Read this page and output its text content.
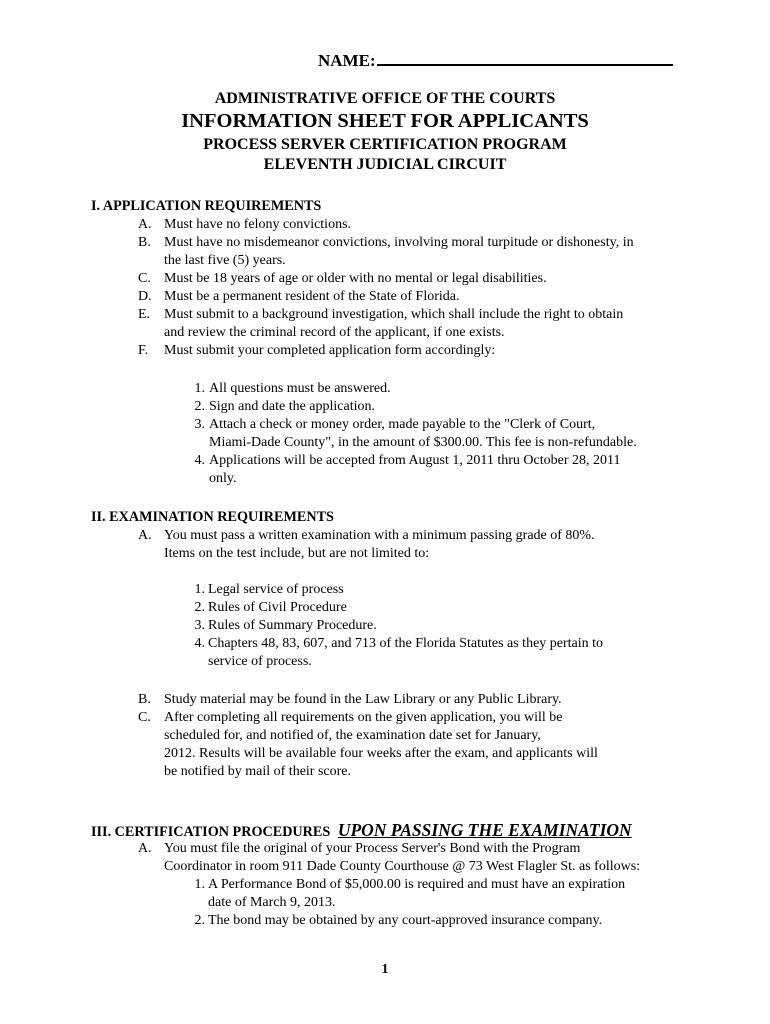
NAME:
ADMINISTRATIVE OFFICE OF THE COURTS
INFORMATION SHEET FOR APPLICANTS
PROCESS SERVER CERTIFICATION PROGRAM
ELEVENTH JUDICIAL CIRCUIT
I. APPLICATION REQUIREMENTS
A. Must have no felony convictions.
B. Must have no misdemeanor convictions, involving moral turpitude or dishonesty, in
the last five (5) years.
C. Must be 18 years of age or older with no mental or legal disabilities.
D. Must be a permanent resident of the State of Florida.
E. Must submit to a background investigation, which shall include the right to obtain
and review the criminal record of the applicant, if one exists.
F.	Must submit your completed application form accordingly:
1. All questions must be answered.
2. Sign and date the application.
3. Attach a check or money order, made payable to the "Clerk of Court,
Miami-Dade County", in the amount of $300.00. This fee is non-refundable.
4. Applications will be accepted from August 1, 2011 thru October 28, 2011
only.
II. EXAMINATION REQUIREMENTS
A. You must pass a written examination with a minimum passing grade of 80%.
Items on the test include, but are not limited to:
1. Legal service of process
2. Rules of Civil Procedure
3. Rules of Summary Procedure.
4. Chapters 48, 83, 607, and 713 of the Florida Statutes as they pertain to
service of process.
B. Study material may be found in the Law Library or any Public Library.
C. After completing all requirements on the given application, you will be
scheduled for, and notified of, the examination date set for January,
2012. Results will be available four weeks after the exam, and applicants will
be notified by mail of their score.
III. CERTIFICATION PROCEDURES UPON PASSING THE EXAMINATION
A. You must file the original of your Process Server's Bond with the Program
Coordinator in room 911 Dade County Courthouse @ 73 West Flagler St. as follows:
1. A Performance Bond of $5,000.00 is required and must have an expiration
date of March 9, 2013.
2. The bond may be obtained by any court-approved insurance company.
1
